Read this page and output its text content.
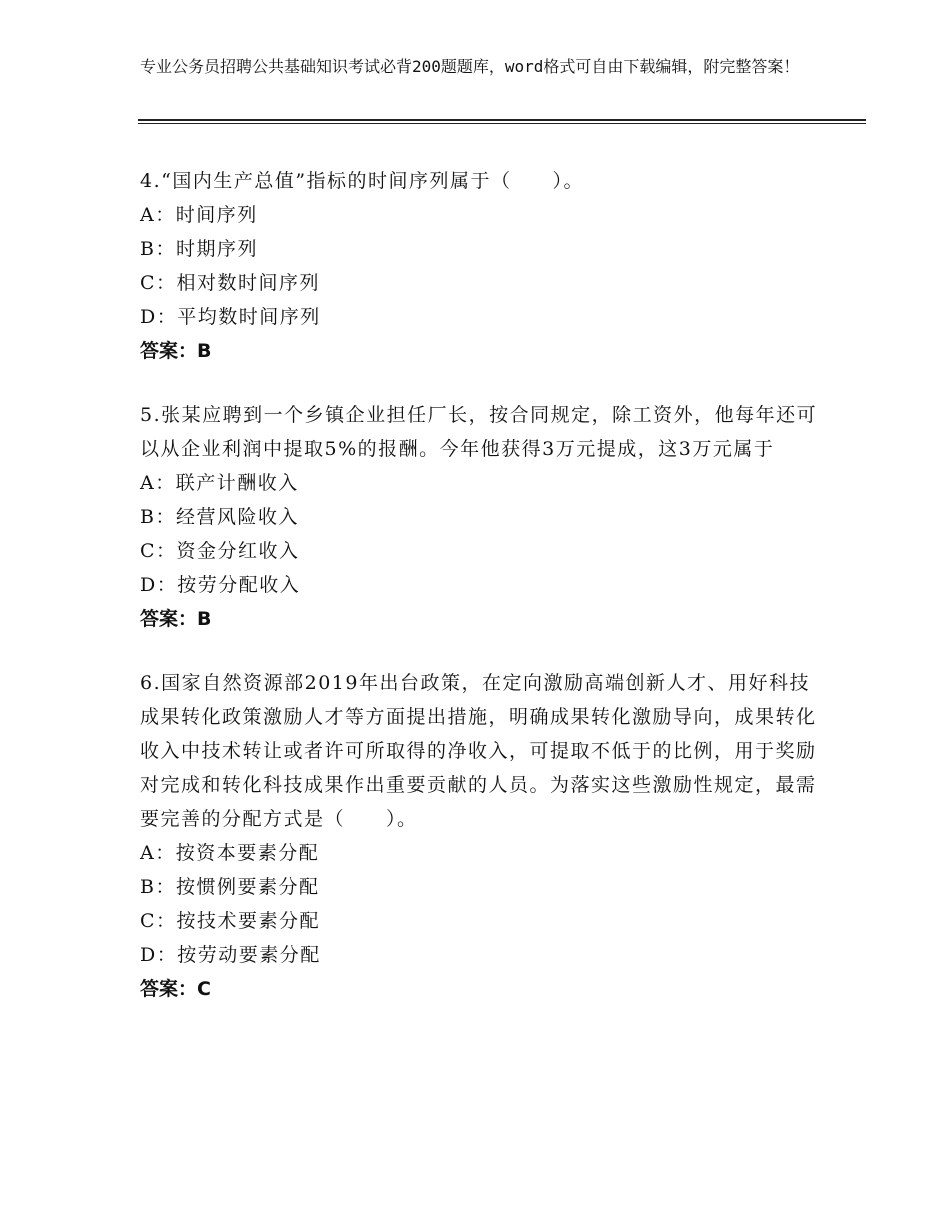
专业公务员招聘公共基础知识考试必背200题题库，word格式可自由下载编辑，附完整答案！

4.“国内生产总值”指标的时间序列属于（　　）。

A：时间序列

B：时期序列

C：相对数时间序列

D：平均数时间序列

答案：B

5.张某应聘到一个乡镇企业担任厂长，按合同规定，除工资外，他每年还可以从企业利润中提取5%的报酬。今年他获得3万元提成，这3万元属于

A：联产计酬收入

B：经营风险收入

C：资金分红收入

D：按劳分配收入

答案：B

6.国家自然资源部2019年出台政策，在定向激励高端创新人才、用好科技成果转化政策激励人才等方面提出措施，明确成果转化激励导向，成果转化收入中技术转让或者许可所取得的净收入，可提取不低于的比例，用于奖励对完成和转化科技成果作出重要贡献的人员。为落实这些激励性规定，最需要完善的分配方式是（　　）。

A：按资本要素分配

B：按惯例要素分配

C：按技术要素分配

D：按劳动要素分配

答案：C
